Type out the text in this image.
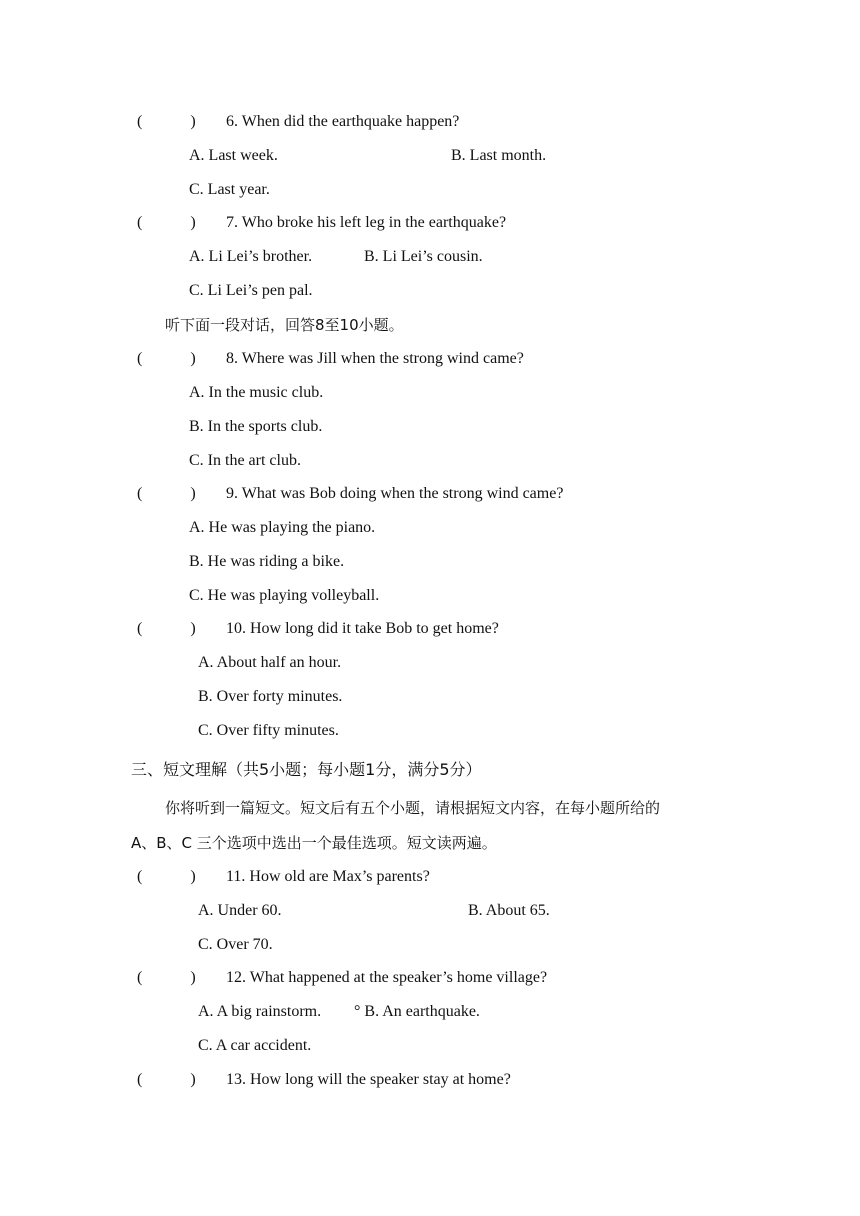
(            ) 6. When did the earthquake happen?
A. Last week.	B. Last month.
C. Last year.
(            ) 7. Who broke his left leg in the earthquake?
A. Li Lei’s brother.	B. Li Lei’s cousin.
C. Li Lei’s pen pal.
听下面一段对话，回答8至10小题。
(            ) 8. Where was Jill when the strong wind came?
A. In the music club.
B. In the sports club.
C. In the art club.
(            ) 9. What was Bob doing when the strong wind came?
A. He was playing the piano.
B. He was riding a bike.
C. He was playing volleyball.
(            ) 10. How long did it take Bob to get home?
A. About half an hour.
B. Over forty minutes.
C. Over fifty minutes.
三、短文理解（共5小题；每小题1分，满分5分）
你将听到一篇短文。短文后有五个小题，请根据短文内容，在每小题所给的
A、B、C 三个选项中选出一个最佳选项。短文读两遍。
(            ) 11. How old are Max’s parents?
A. Under 60.	B. About 65.
C. Over 70.
(            ) 12. What happened at the speaker’s home village?
A. A big rainstorm. ° B. An earthquake.
C. A car accident.
(            ) 13. How long will the speaker stay at home?
